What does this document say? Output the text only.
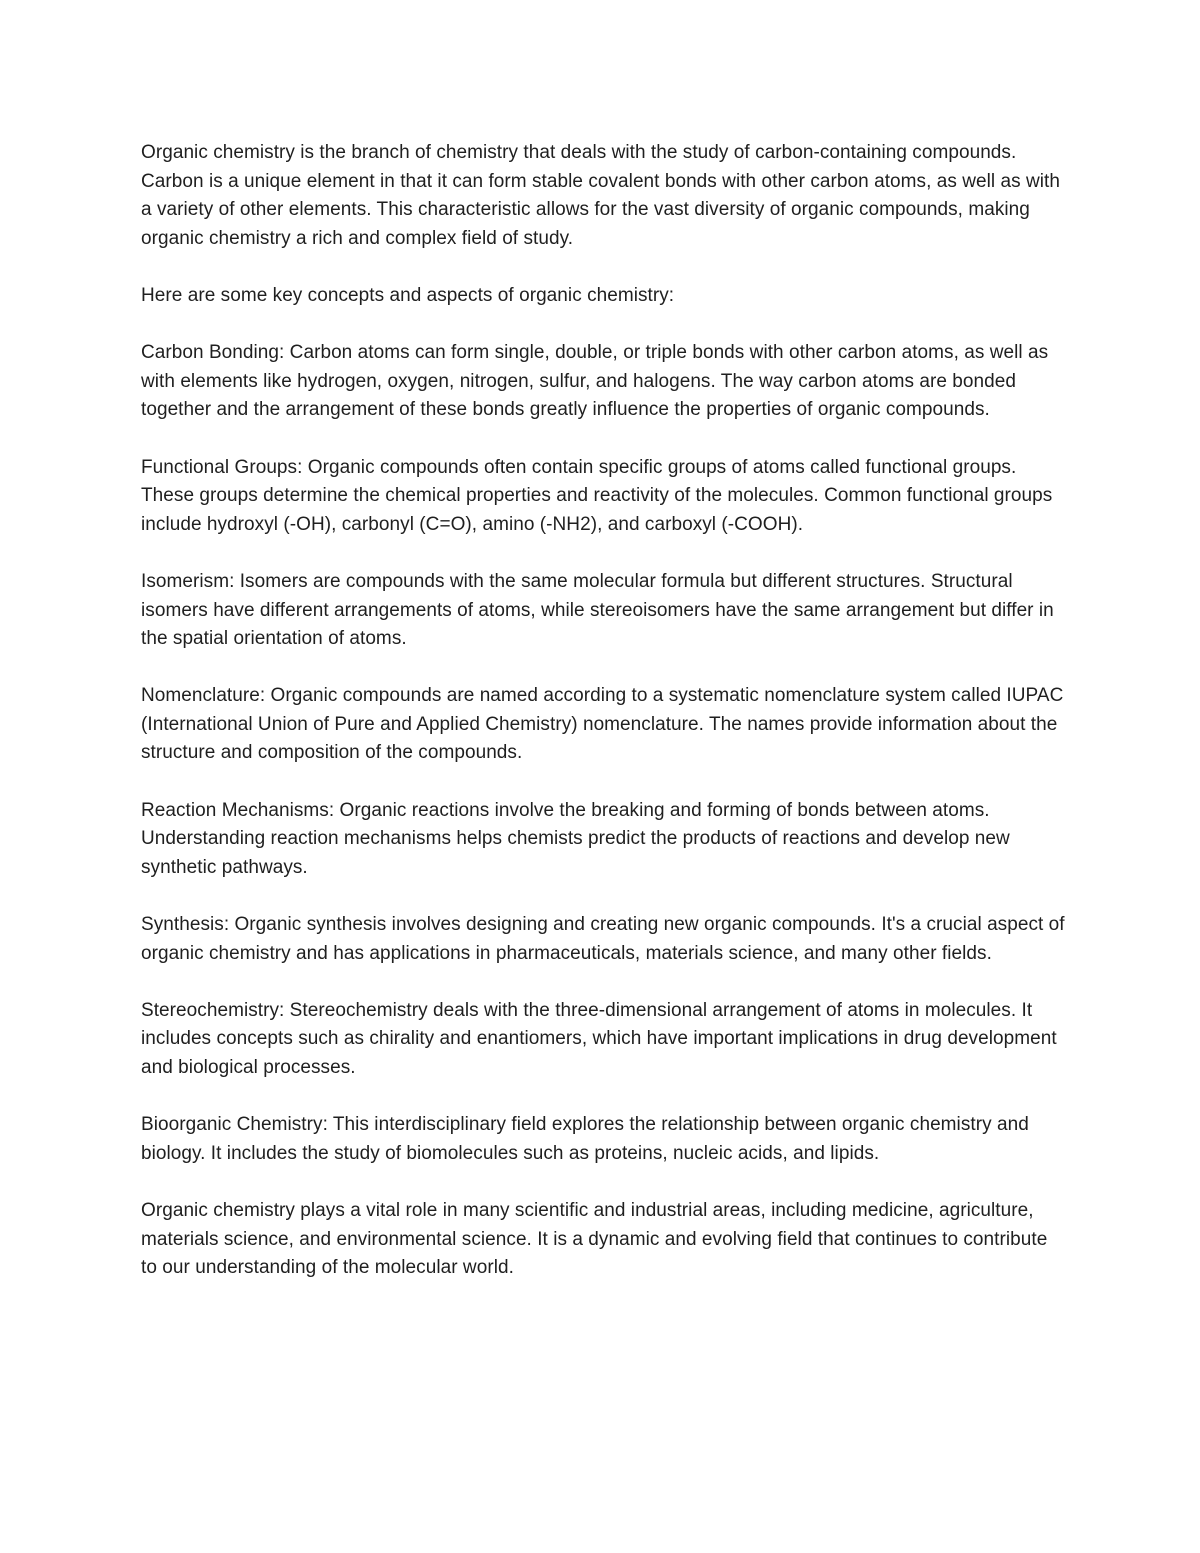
Organic chemistry is the branch of chemistry that deals with the study of carbon-containing compounds. Carbon is a unique element in that it can form stable covalent bonds with other carbon atoms, as well as with a variety of other elements. This characteristic allows for the vast diversity of organic compounds, making organic chemistry a rich and complex field of study.

Here are some key concepts and aspects of organic chemistry:

Carbon Bonding: Carbon atoms can form single, double, or triple bonds with other carbon atoms, as well as with elements like hydrogen, oxygen, nitrogen, sulfur, and halogens. The way carbon atoms are bonded together and the arrangement of these bonds greatly influence the properties of organic compounds.

Functional Groups: Organic compounds often contain specific groups of atoms called functional groups. These groups determine the chemical properties and reactivity of the molecules. Common functional groups include hydroxyl (-OH), carbonyl (C=O), amino (-NH2), and carboxyl (-COOH).

Isomerism: Isomers are compounds with the same molecular formula but different structures. Structural isomers have different arrangements of atoms, while stereoisomers have the same arrangement but differ in the spatial orientation of atoms.

Nomenclature: Organic compounds are named according to a systematic nomenclature system called IUPAC (International Union of Pure and Applied Chemistry) nomenclature. The names provide information about the structure and composition of the compounds.

Reaction Mechanisms: Organic reactions involve the breaking and forming of bonds between atoms. Understanding reaction mechanisms helps chemists predict the products of reactions and develop new synthetic pathways.

Synthesis: Organic synthesis involves designing and creating new organic compounds. It's a crucial aspect of organic chemistry and has applications in pharmaceuticals, materials science, and many other fields.

Stereochemistry: Stereochemistry deals with the three-dimensional arrangement of atoms in molecules. It includes concepts such as chirality and enantiomers, which have important implications in drug development and biological processes.

Bioorganic Chemistry: This interdisciplinary field explores the relationship between organic chemistry and biology. It includes the study of biomolecules such as proteins, nucleic acids, and lipids.

Organic chemistry plays a vital role in many scientific and industrial areas, including medicine, agriculture, materials science, and environmental science. It is a dynamic and evolving field that continues to contribute to our understanding of the molecular world.
